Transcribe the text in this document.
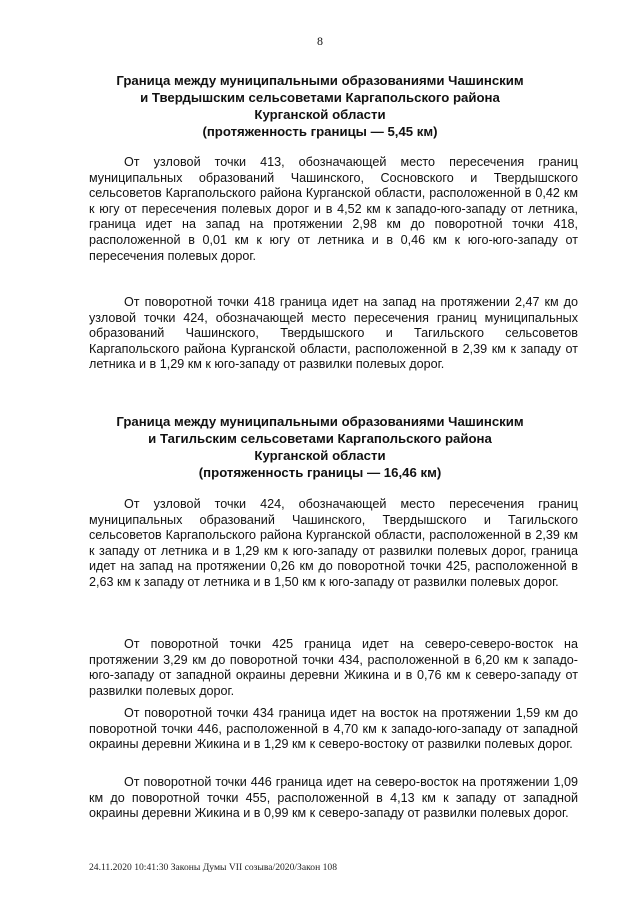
8
Граница между муниципальными образованиями Чашинским
и Твердышским сельсоветами Каргапольского района
Курганской области
(протяженность границы — 5,45 км)
От узловой точки 413, обозначающей место пересечения границ муниципальных образований Чашинского, Сосновского и Твердышского сельсоветов Каргапольского района Курганской области, расположенной в 0,42 км к югу от пересечения полевых дорог и в 4,52 км к западо-юго-западу от летника, граница идет на запад на протяжении 2,98 км до поворотной точки 418, расположенной в 0,01 км к югу от летника и в 0,46 км к юго-юго-западу от пересечения полевых дорог.
От поворотной точки 418 граница идет на запад на протяжении 2,47 км до узловой точки 424, обозначающей место пересечения границ муниципальных образований Чашинского, Твердышского и Тагильского сельсоветов Каргапольского района Курганской области, расположенной в 2,39 км к западу от летника и в 1,29 км к юго-западу от развилки полевых дорог.
Граница между муниципальными образованиями Чашинским
и Тагильским сельсоветами Каргапольского района
Курганской области
(протяженность границы — 16,46 км)
От узловой точки 424, обозначающей место пересечения границ муниципальных образований Чашинского, Твердышского и Тагильского сельсоветов Каргапольского района Курганской области, расположенной в 2,39 км к западу от летника и в 1,29 км к юго-западу от развилки полевых дорог, граница идет на запад на протяжении 0,26 км до поворотной точки 425, расположенной в 2,63 км к западу от летника и в 1,50 км к юго-западу от развилки полевых дорог.
От поворотной точки 425 граница идет на северо-северо-восток на протяжении 3,29 км до поворотной точки 434, расположенной в 6,20 км к западо-юго-западу от западной окраины деревни Жикина и в 0,76 км к северо-западу от развилки полевых дорог.
От поворотной точки 434 граница идет на восток на протяжении 1,59 км до поворотной точки 446, расположенной в 4,70 км к западо-юго-западу от западной окраины деревни Жикина и в 1,29 км к северо-востоку от развилки полевых дорог.
От поворотной точки 446 граница идет на северо-восток на протяжении 1,09 км до поворотной точки 455, расположенной в 4,13 км к западу от западной окраины деревни Жикина и в 0,99 км к северо-западу от развилки полевых дорог.
24.11.2020 10:41:30 Законы Думы VII созыва/2020/Закон 108
